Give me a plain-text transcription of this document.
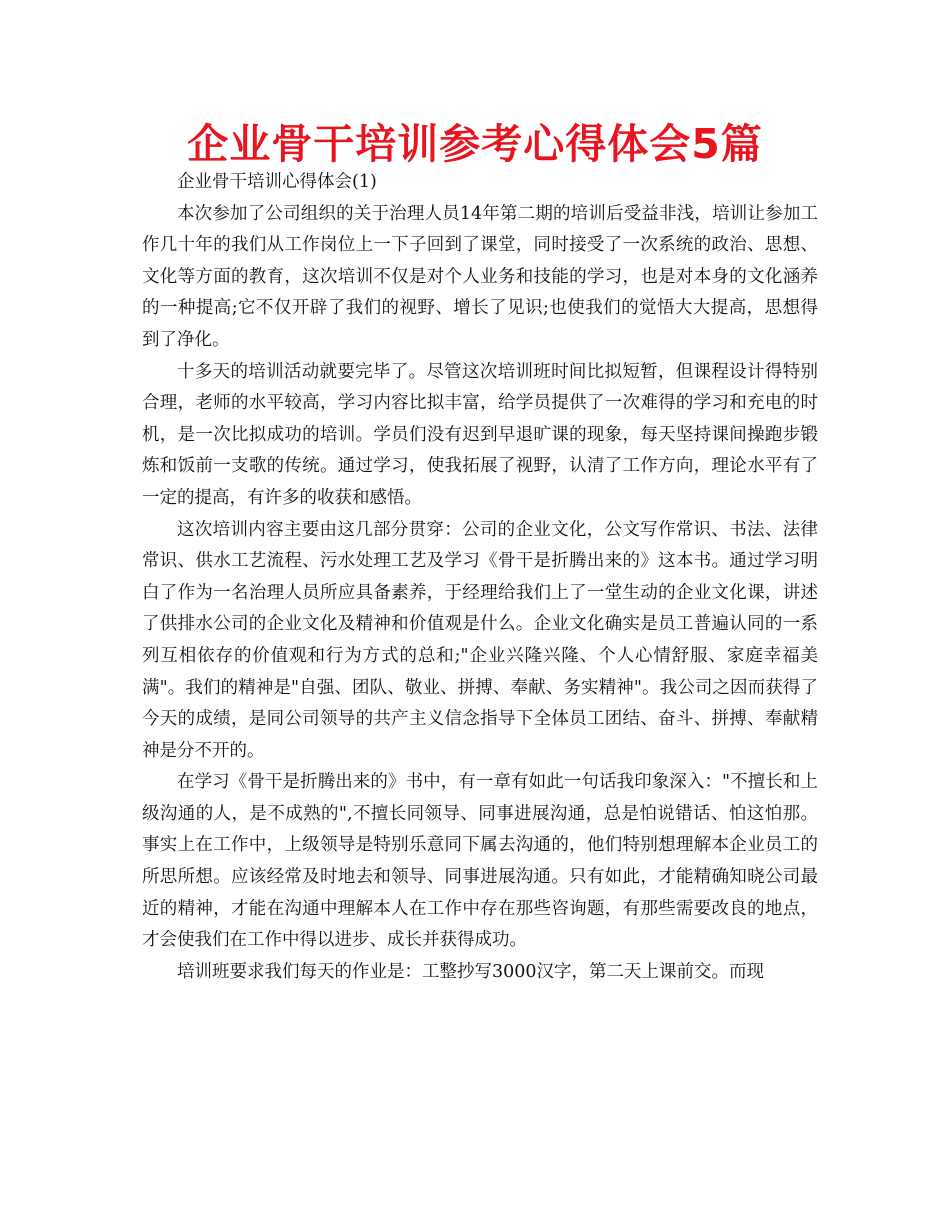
企业骨干培训参考心得体会5篇

企业骨干培训心得体会(1)

本次参加了公司组织的关于治理人员14年第二期的培训后受益非浅，培训让参加工作几十年的我们从工作岗位上一下子回到了课堂，同时接受了一次系统的政治、思想、文化等方面的教育，这次培训不仅是对个人业务和技能的学习，也是对本身的文化涵养的一种提高;它不仅开辟了我们的视野、增长了见识;也使我们的觉悟大大提高，思想得到了净化。

十多天的培训活动就要完毕了。尽管这次培训班时间比拟短暂，但课程设计得特别合理，老师的水平较高，学习内容比拟丰富，给学员提供了一次难得的学习和充电的时机，是一次比拟成功的培训。学员们没有迟到早退旷课的现象，每天坚持课间操跑步锻炼和饭前一支歌的传统。通过学习，使我拓展了视野，认清了工作方向，理论水平有了一定的提高，有许多的收获和感悟。

这次培训内容主要由这几部分贯穿：公司的企业文化，公文写作常识、书法、法律常识、供水工艺流程、污水处理工艺及学习《骨干是折腾出来的》这本书。通过学习明白了作为一名治理人员所应具备素养，于经理给我们上了一堂生动的企业文化课，讲述了供排水公司的企业文化及精神和价值观是什么。企业文化确实是员工普遍认同的一系列互相依存的价值观和行为方式的总和;"企业兴隆兴隆、个人心情舒服、家庭幸福美满"。我们的精神是"自强、团队、敬业、拼搏、奉献、务实精神"。我公司之因而获得了今天的成绩，是同公司领导的共产主义信念指导下全体员工团结、奋斗、拼搏、奉献精神是分不开的。

在学习《骨干是折腾出来的》书中，有一章有如此一句话我印象深入："不擅长和上级沟通的人，是不成熟的",不擅长同领导、同事进展沟通，总是怕说错话、怕这怕那。事实上在工作中，上级领导是特别乐意同下属去沟通的，他们特别想理解本企业员工的所思所想。应该经常及时地去和领导、同事进展沟通。只有如此，才能精确知晓公司最近的精神，才能在沟通中理解本人在工作中存在那些咨询题，有那些需要改良的地点，才会使我们在工作中得以进步、成长并获得成功。

培训班要求我们每天的作业是：工整抄写3000汉字，第二天上课前交。而现
